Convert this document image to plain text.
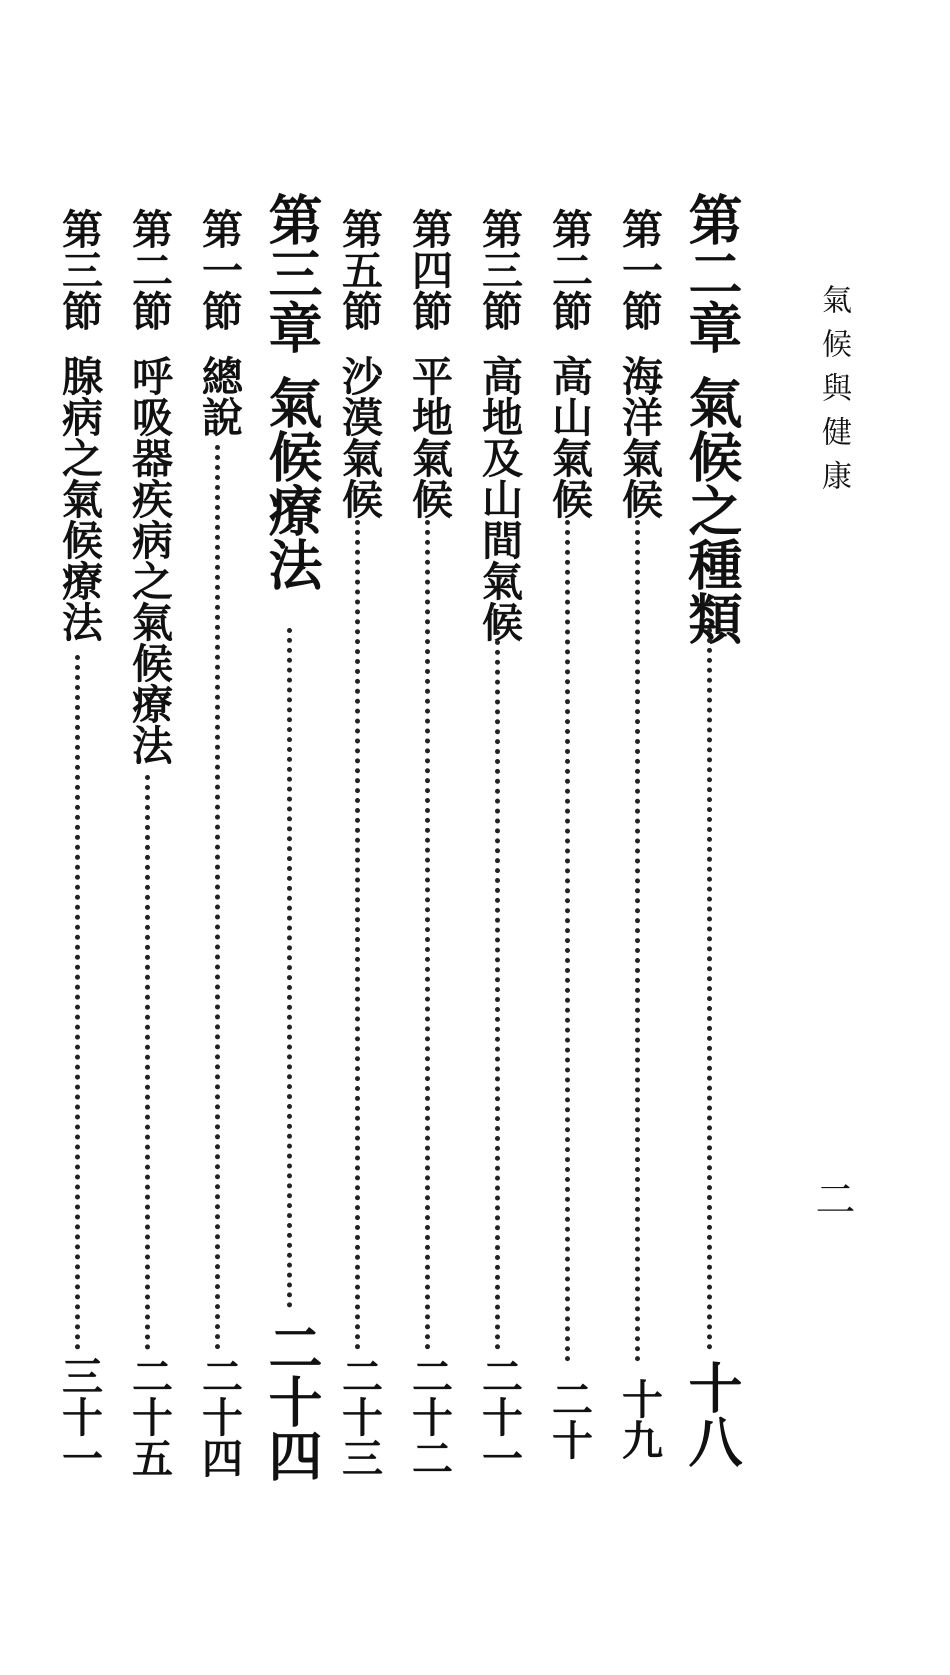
氣候與健康
二
第二章
氣候之種類
十八
第一節
海洋氣候
十九
第二節
高山氣候
二十
第三節
高地及山間氣候
二十一
第四節
平地氣候
二十二
第五節
沙漠氣候
二十三
第三章
氣候療法
二十四
第一節
總說
二十四
第二節
呼吸器疾病之氣候療法
二十五
第三節
腺病之氣候療法
三十一
